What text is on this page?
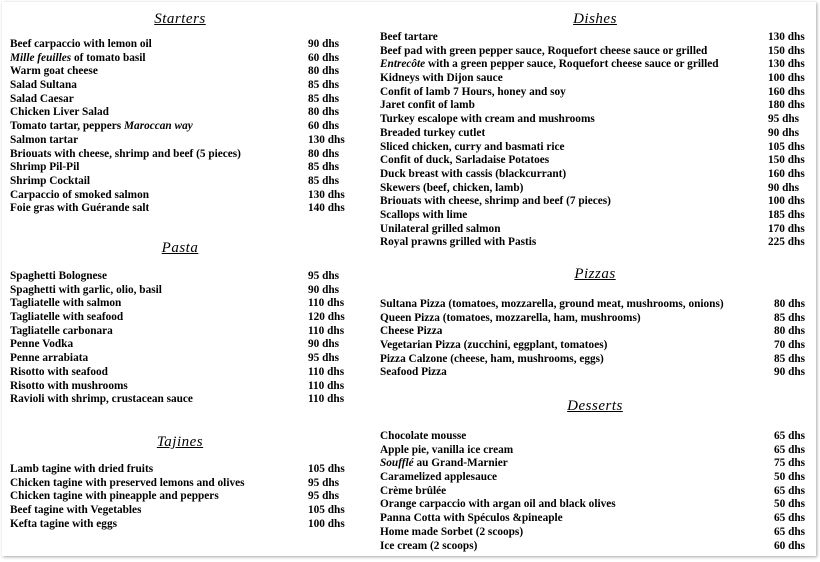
Starters
Beef carpaccio with lemon oil	90 dhs
Mille feuilles of tomato basil	60 dhs
Warm goat cheese	80 dhs
Salad Sultana	85 dhs
Salad Caesar	85 dhs
Chicken Liver Salad	80 dhs
Tomato tartar, peppers Maroccan way	60 dhs
Salmon tartar	130 dhs
Briouats with cheese, shrimp and beef (5 pieces)	80 dhs
Shrimp Pil-Pil	85 dhs
Shrimp Cocktail	85 dhs
Carpaccio of smoked salmon	130 dhs
Foie gras with Guérande salt	140 dhs
Pasta
Spaghetti Bolognese	95 dhs
Spaghetti with garlic, olio, basil	90 dhs
Tagliatelle with salmon	110 dhs
Tagliatelle with seafood	120 dhs
Tagliatelle carbonara	110 dhs
Penne Vodka	90 dhs
Penne arrabiata	95 dhs
Risotto with seafood	110 dhs
Risotto with mushrooms	110 dhs
Ravioli with shrimp, crustacean sauce	110 dhs
Tajines
Lamb tagine with dried fruits	105 dhs
Chicken tagine with preserved lemons and olives	95 dhs
Chicken tagine with pineapple and peppers	95 dhs
Beef tagine with Vegetables	105 dhs
Kefta tagine with eggs	100 dhs
Dishes
Beef tartare	130 dhs
Beef pad with green pepper sauce, Roquefort cheese sauce or grilled	150 dhs
Entrecôte with a green pepper sauce, Roquefort cheese sauce or grilled	130 dhs
Kidneys with Dijon sauce	100 dhs
Confit of lamb 7 Hours, honey and soy	160 dhs
Jaret confit of lamb	180 dhs
Turkey escalope with cream and mushrooms	95 dhs
Breaded turkey cutlet	90 dhs
Sliced chicken, curry and basmati rice	105 dhs
Confit of duck, Sarladaise Potatoes	150 dhs
Duck breast with cassis (blackcurrant)	160 dhs
Skewers (beef, chicken, lamb)	90 dhs
Briouats with cheese, shrimp and beef (7 pieces)	100 dhs
Scallops with lime	185 dhs
Unilateral grilled salmon	170 dhs
Royal prawns grilled with Pastis	225 dhs
Pizzas
Sultana Pizza (tomatoes, mozzarella, ground meat, mushrooms, onions)	80 dhs
Queen Pizza (tomatoes, mozzarella, ham, mushrooms)	85 dhs
Cheese Pizza	80 dhs
Vegetarian Pizza (zucchini, eggplant, tomatoes)	70 dhs
Pizza Calzone (cheese, ham, mushrooms, eggs)	85 dhs
Seafood Pizza	90 dhs
Desserts
Chocolate mousse	65 dhs
Apple pie, vanilla ice cream	65 dhs
Soufflé au Grand-Marnier	75 dhs
Caramelized applesauce	50 dhs
Crème brûlée	65 dhs
Orange carpaccio with argan oil and black olives	50 dhs
Panna Cotta with Spéculos &pineaple	65 dhs
Home made Sorbet (2 scoops)	65 dhs
Ice cream (2 scoops)	60 dhs
